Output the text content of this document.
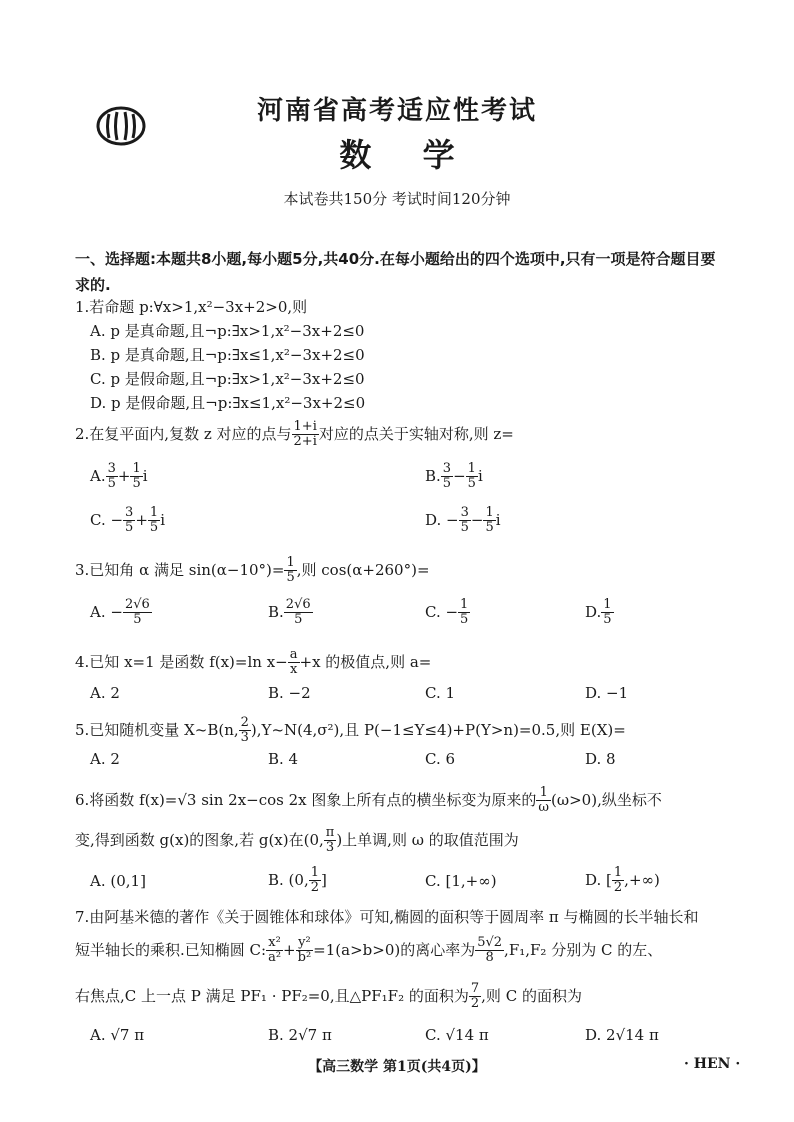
河南省高考适应性考试
数 学
本试卷共150分 考试时间120分钟
一、选择题:本题共8小题,每小题5分,共40分.在每小题给出的四个选项中,只有一项是符合题目要求的.
1.若命题 p:∀x>1,x²−3x+2>0,则
A. p 是真命题,且¬p:∃x>1,x²−3x+2≤0
B. p 是真命题,且¬p:∃x≤1,x²−3x+2≤0
C. p 是假命题,且¬p:∃x>1,x²−3x+2≤0
D. p 是假命题,且¬p:∃x≤1,x²−3x+2≤0
2.在复平面内,复数 z 对应的点与 $\frac{1+i}{2+i}$ 对应的点关于实轴对称,则 z=
A. $\frac{3}{5} + \frac{1}{5}$ i	B. $\frac{3}{5} - \frac{1}{5}$ i
C. − $\frac{3}{5} + \frac{1}{5}$ i	D. − $\frac{3}{5} - \frac{1}{5}$ i
3.已知角 α 满足 $\sin(\alpha-10^\circ)= \frac{1}{5}$ ,则 cos(α+260°)=
A. − $\frac{2√6}{5}$	B. $\frac{2√6}{5}$	C. − $\frac{1}{5}$	D. $\frac{1}{5}$
4.已知 x=1 是函数 f(x)=ln $x- \frac{a}{x} +x$ 的极值点,则 a=
A. 2	B. −2	C. 1	D. −1
5.已知随机变量 X~B(n, $\frac{2}{3}$ ),Y~N(4,σ²),且 P(−1≤Y≤4)+P(Y>n)=0.5,则 E(X)=
A. 2	B. 4	C. 6	D. 8
6.将函数 f(x)=√3 sin 2x−cos 2x 图象上所有点的横坐标变为原来的 $\frac{1}{\omega} (\omega>0)$,纵坐标不
变,得到函数 g(x)的图象,若 g(x)在(0, $\frac{\pi}{3}$ )上单调,则 ω 的取值范围为
A. (0,1]	B. (0, $\frac{1}{2}$ ]	C. [1,+∞)	D. [ $\frac{1}{2}$ ,+∞)
7.由阿基米德的著作《关于圆锥体和球体》可知,椭圆的面积等于圆周率 π 与椭圆的长半轴长和
短半轴长的乘积.已知椭圆 C: $\frac{\text{x²}}{\text{a²}} + \frac{\text{y²}}{\text{b²}} =1(a>b>0)$的离心率为 $\frac{5√2}{8} ,F_1,F_2$ 分别为 C 的左、
右焦点,C 上一点 P 满足 PF₁ · PF₂=0,且△PF₁F₂ 的面积为 $\frac{7}{2}$ ,则 C 的面积为
A. √7 π	B. 2√7 π	C. √14 π	D. 2√14 π
【高三数学 第1页(共4页)】	· HEN ·
